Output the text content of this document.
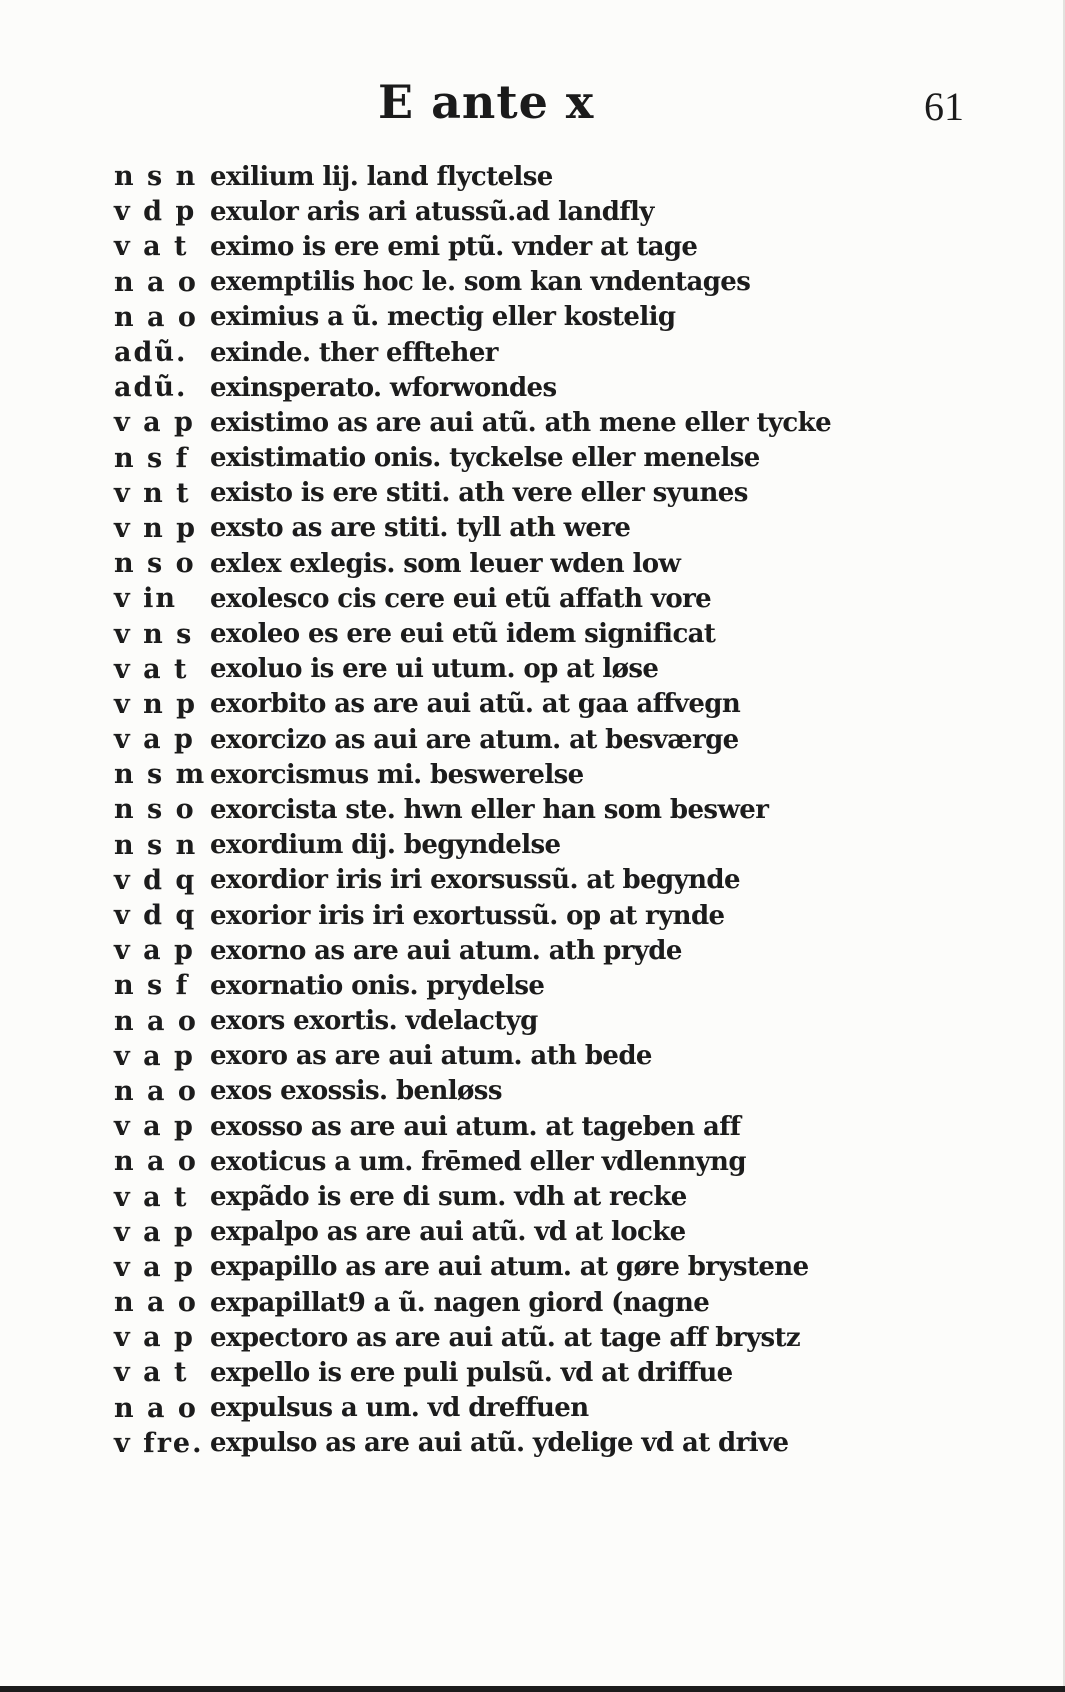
E ante x	61
n s n exilium lij. land flyctelse
v d p exulor aris ari atussũ.ad landfly
v a t eximo is ere emi ptũ. vnder at tage
n a o exemptilis hoc le. som kan vndentages
n a o eximius a ũ. mectig eller kostelig
adũ. exinde. ther effteher
adũ. exinsperato. wforwondes
v a p existimo as are aui atũ. ath mene eller tycke
n s f existimatio onis. tyckelse eller menelse
v n t existo is ere stiti. ath vere eller syunes
v n p exsto as are stiti. tyll ath were
n s o exlex exlegis. som leuer wden low
v in	exolesco cis cere eui etũ affath vore
v n s exoleo es ere eui etũ idem significat
v a t exoluo is ere ui utum. op at løse
v n p exorbito as are aui atũ. at gaa affvegn
v a p exorcizo as aui are atum. at besværge
n s m exorcismus mi. beswerelse
n s o exorcista ste. hwn eller han som beswer
n s n exordium dij. begyndelse
v d q exordior iris iri exorsussũ. at begynde
v d q exorior iris iri exortussũ. op at rynde
v a p exorno as are aui atum. ath pryde
n s f exornatio onis. prydelse
n a o exors exortis. vdelactyg
v a p exoro as are aui atum. ath bede
n a o exos exossis. benløss
v a p exosso as are aui atum. at tageben aff
n a o exoticus a um. frēmed eller vdlennyng
v a t expãdo is ere di sum. vdh at recke
v a p expalpo as are aui atũ. vd at locke
v a p expapillo as are aui atum. at gøre brystene
n a o expapillat9 a ũ. nagen giord (nagne
v a p expectoro as are aui atũ. at tage aff brystz
v a t expello is ere puli pulsũ. vd at driffue
n a o expulsus a um. vd dreffuen
v fre. expulso as are aui atũ. ydelige vd at drive
